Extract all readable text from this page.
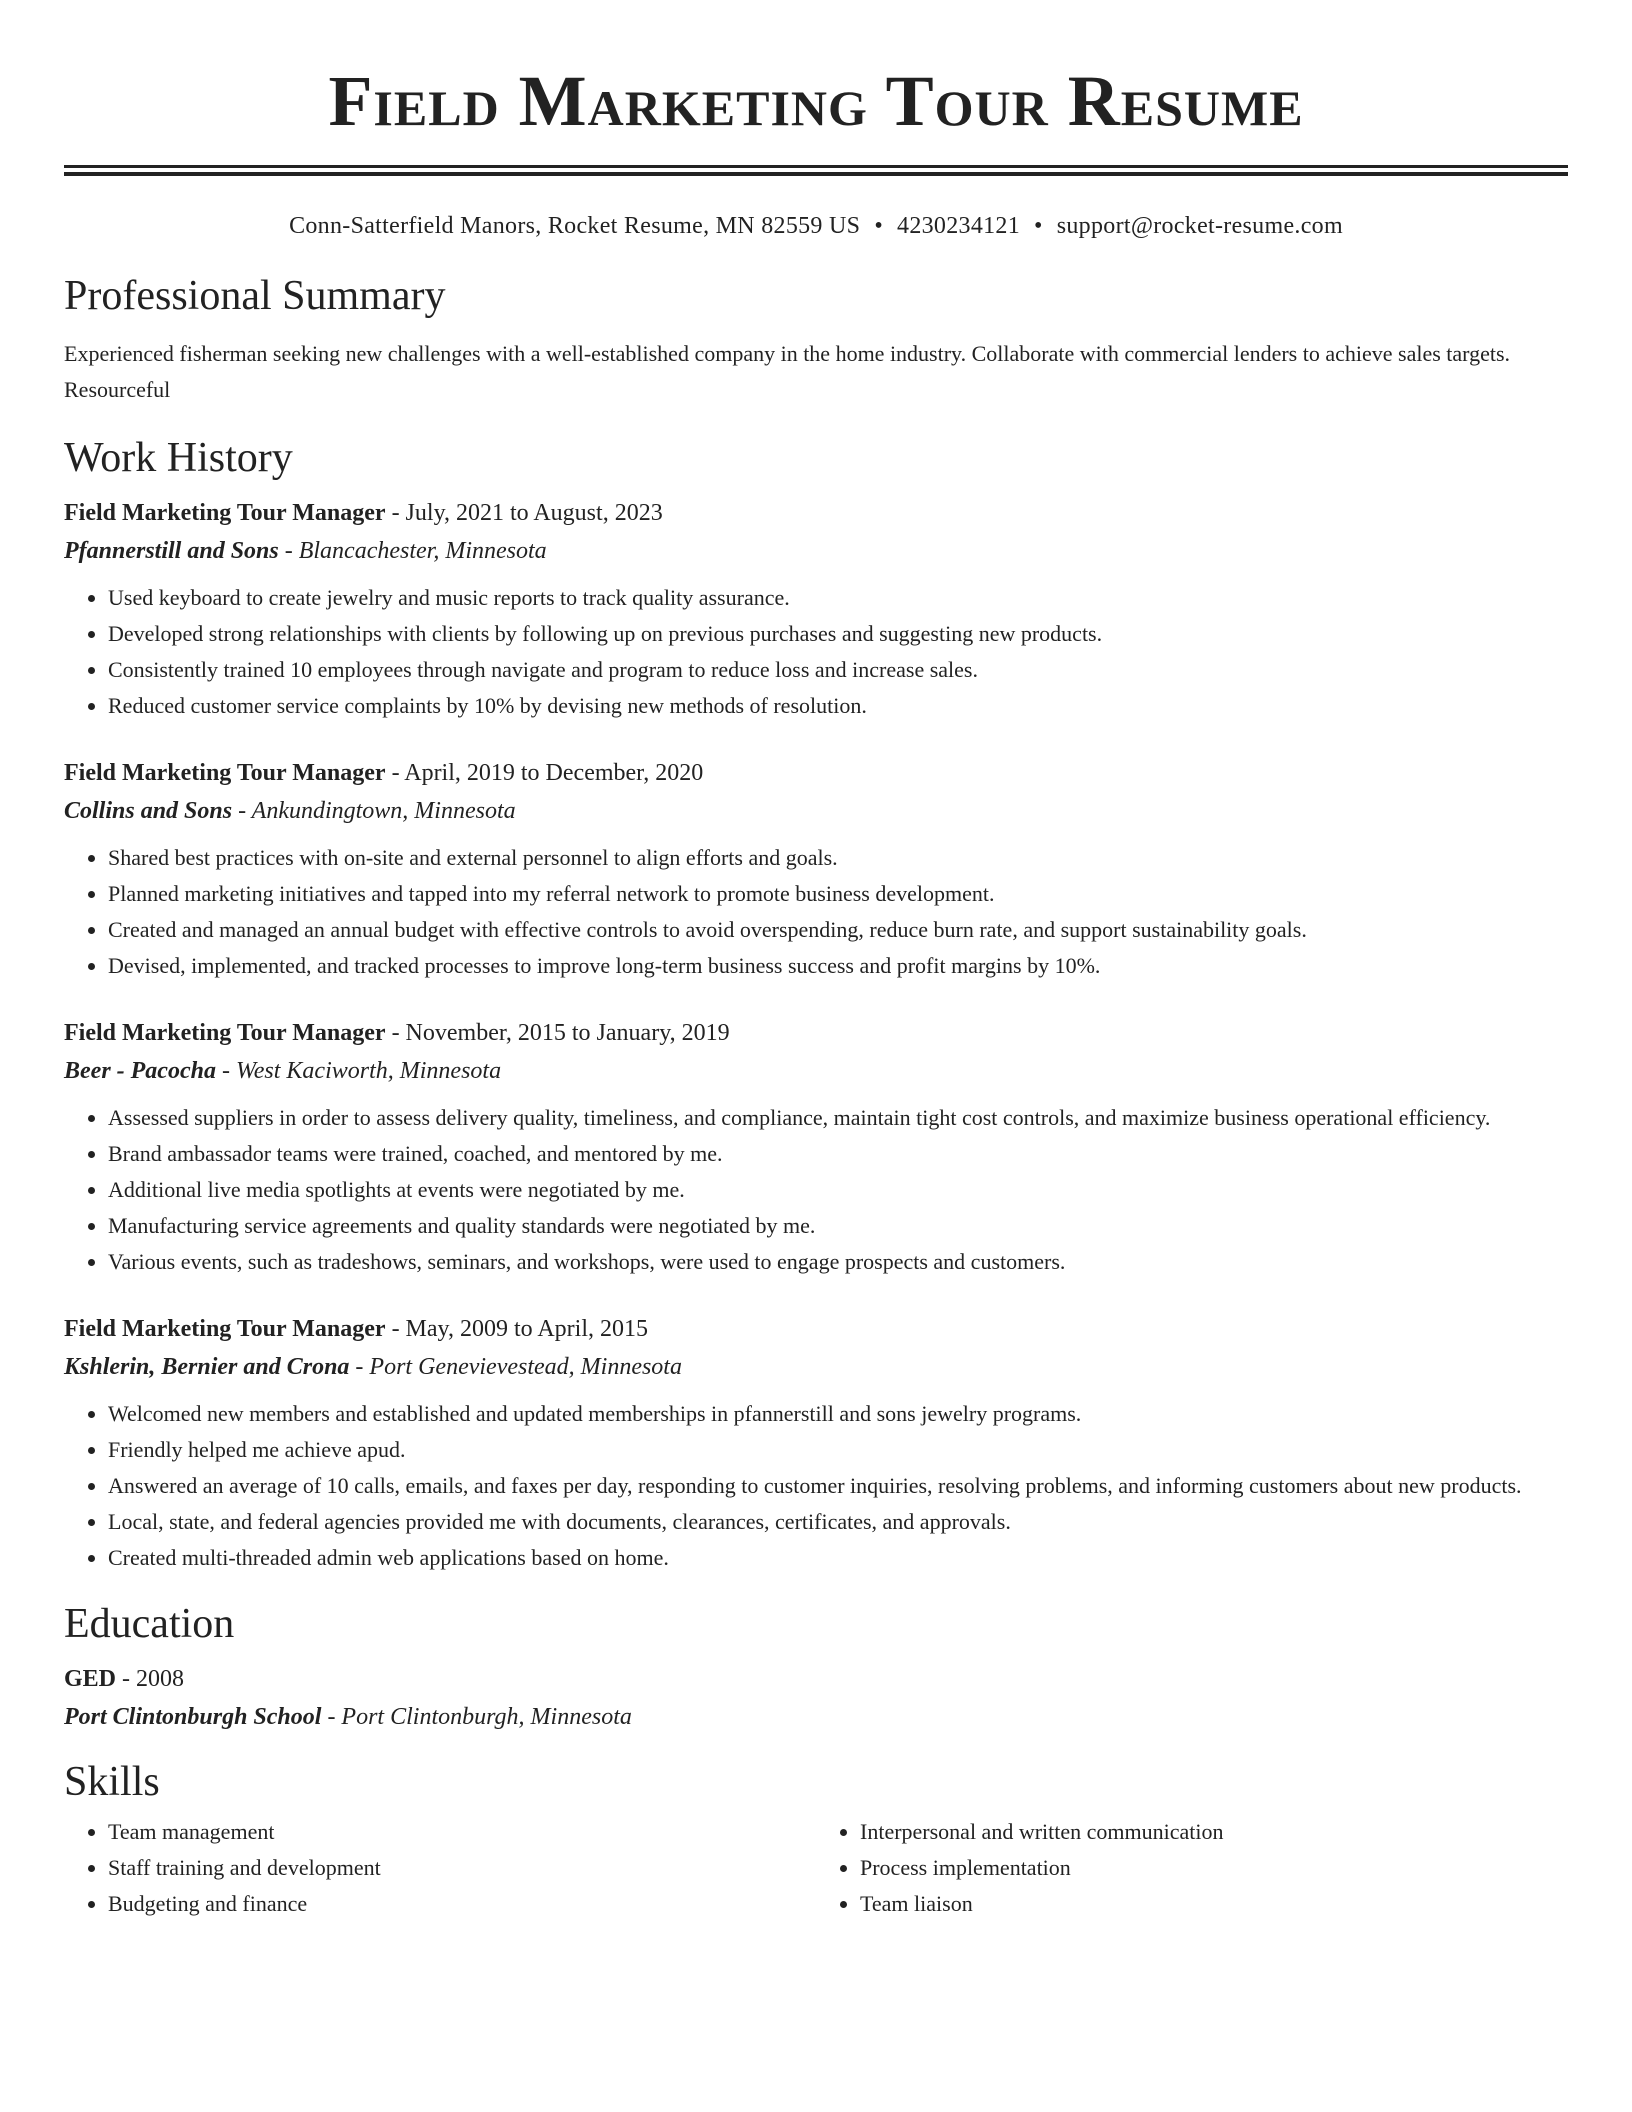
Field Marketing Tour Resume
Conn-Satterfield Manors, Rocket Resume, MN 82559 US • 4230234121 • support@rocket-resume.com
Professional Summary

Experienced fisherman seeking new challenges with a well-established company in the home industry. Collaborate with commercial lenders to achieve sales targets. Resourceful

Work History
Field Marketing Tour Manager - July, 2021 to August, 2023
Pfannerstill and Sons - Blancachester, Minnesota
• Used keyboard to create jewelry and music reports to track quality assurance.
• Developed strong relationships with clients by following up on previous purchases and suggesting new products.
• Consistently trained 10 employees through navigate and program to reduce loss and increase sales.
• Reduced customer service complaints by 10% by devising new methods of resolution.
Field Marketing Tour Manager - April, 2019 to December, 2020
Collins and Sons - Ankundingtown, Minnesota
• Shared best practices with on-site and external personnel to align efforts and goals.
• Planned marketing initiatives and tapped into my referral network to promote business development.
• Created and managed an annual budget with effective controls to avoid overspending, reduce burn rate, and support sustainability goals.
• Devised, implemented, and tracked processes to improve long-term business success and profit margins by 10%.
Field Marketing Tour Manager - November, 2015 to January, 2019
Beer - Pacocha - West Kaciworth, Minnesota
• Assessed suppliers in order to assess delivery quality, timeliness, and compliance, maintain tight cost controls, and maximize business operational efficiency.
• Brand ambassador teams were trained, coached, and mentored by me.
• Additional live media spotlights at events were negotiated by me.
• Manufacturing service agreements and quality standards were negotiated by me.
• Various events, such as tradeshows, seminars, and workshops, were used to engage prospects and customers.
Field Marketing Tour Manager - May, 2009 to April, 2015
Kshlerin, Bernier and Crona - Port Genevievestead, Minnesota
• Welcomed new members and established and updated memberships in pfannerstill and sons jewelry programs.
• Friendly helped me achieve apud.
• Answered an average of 10 calls, emails, and faxes per day, responding to customer inquiries, resolving problems, and informing customers about new products.
• Local, state, and federal agencies provided me with documents, clearances, certificates, and approvals.
• Created multi-threaded admin web applications based on home.
Education
GED - 2008
Port Clintonburgh School - Port Clintonburgh, Minnesota
Skills
• Team management
• Staff training and development
• Budgeting and finance
• Interpersonal and written communication
• Process implementation
• Team liaison
